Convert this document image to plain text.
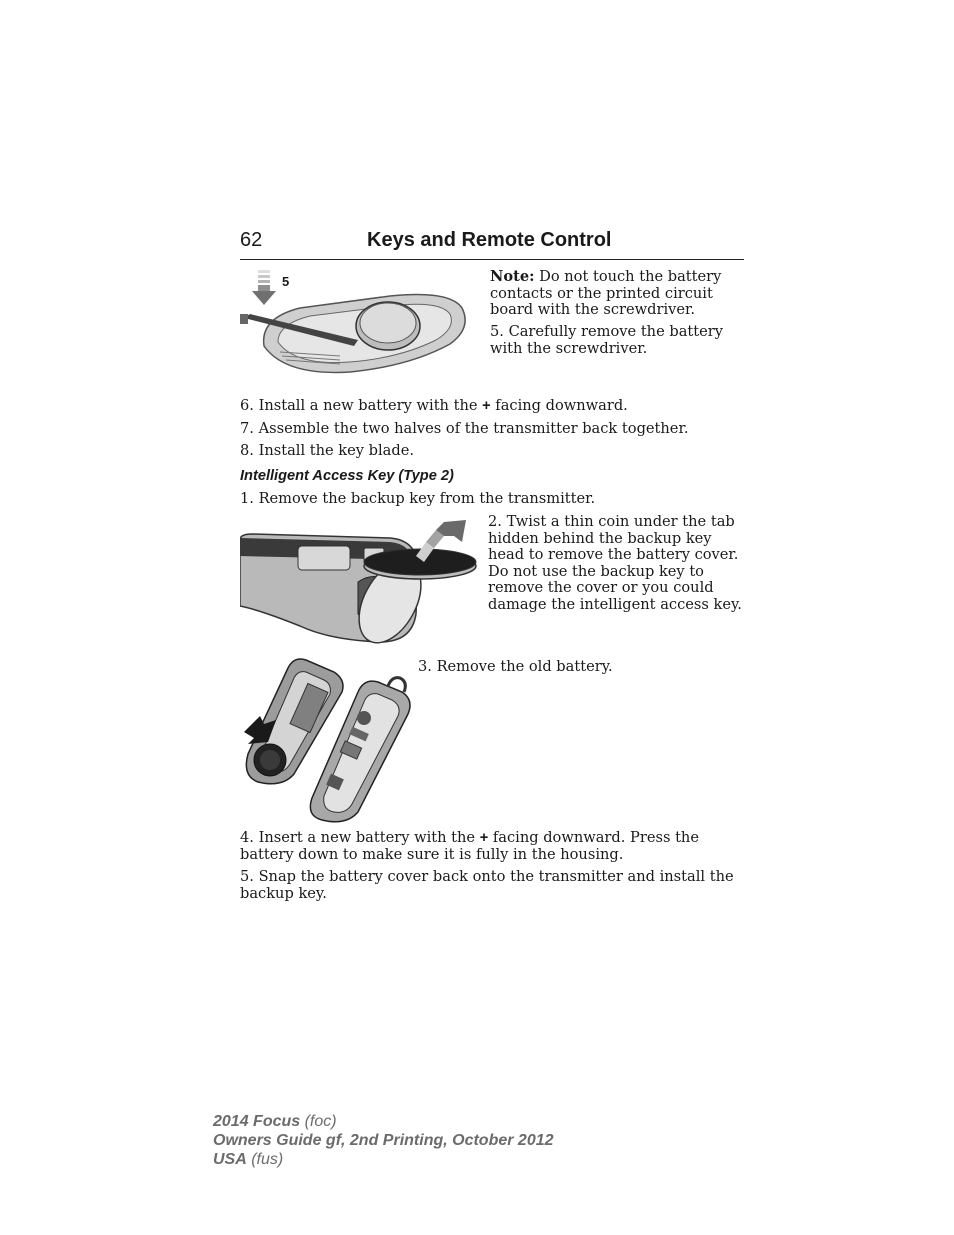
62	Keys and Remote Control
5	Note: Do not touch the battery contacts or the printed circuit board with the screwdriver.
5. Carefully remove the battery with the screwdriver.
6. Install a new battery with the + facing downward.
7. Assemble the two halves of the transmitter back together.
8. Install the key blade.
Intelligent Access Key (Type 2)
1. Remove the backup key from the transmitter.
2. Twist a thin coin under the tab hidden behind the backup key head to remove the battery cover. Do not use the backup key to remove the cover or you could damage the intelligent access key.
3. Remove the old battery.
4. Insert a new battery with the + facing downward. Press the battery down to make sure it is fully in the housing.
5. Snap the battery cover back onto the transmitter and install the backup key.
2014 Focus (foc)
Owners Guide gf, 2nd Printing, October 2012
USA (fus)
